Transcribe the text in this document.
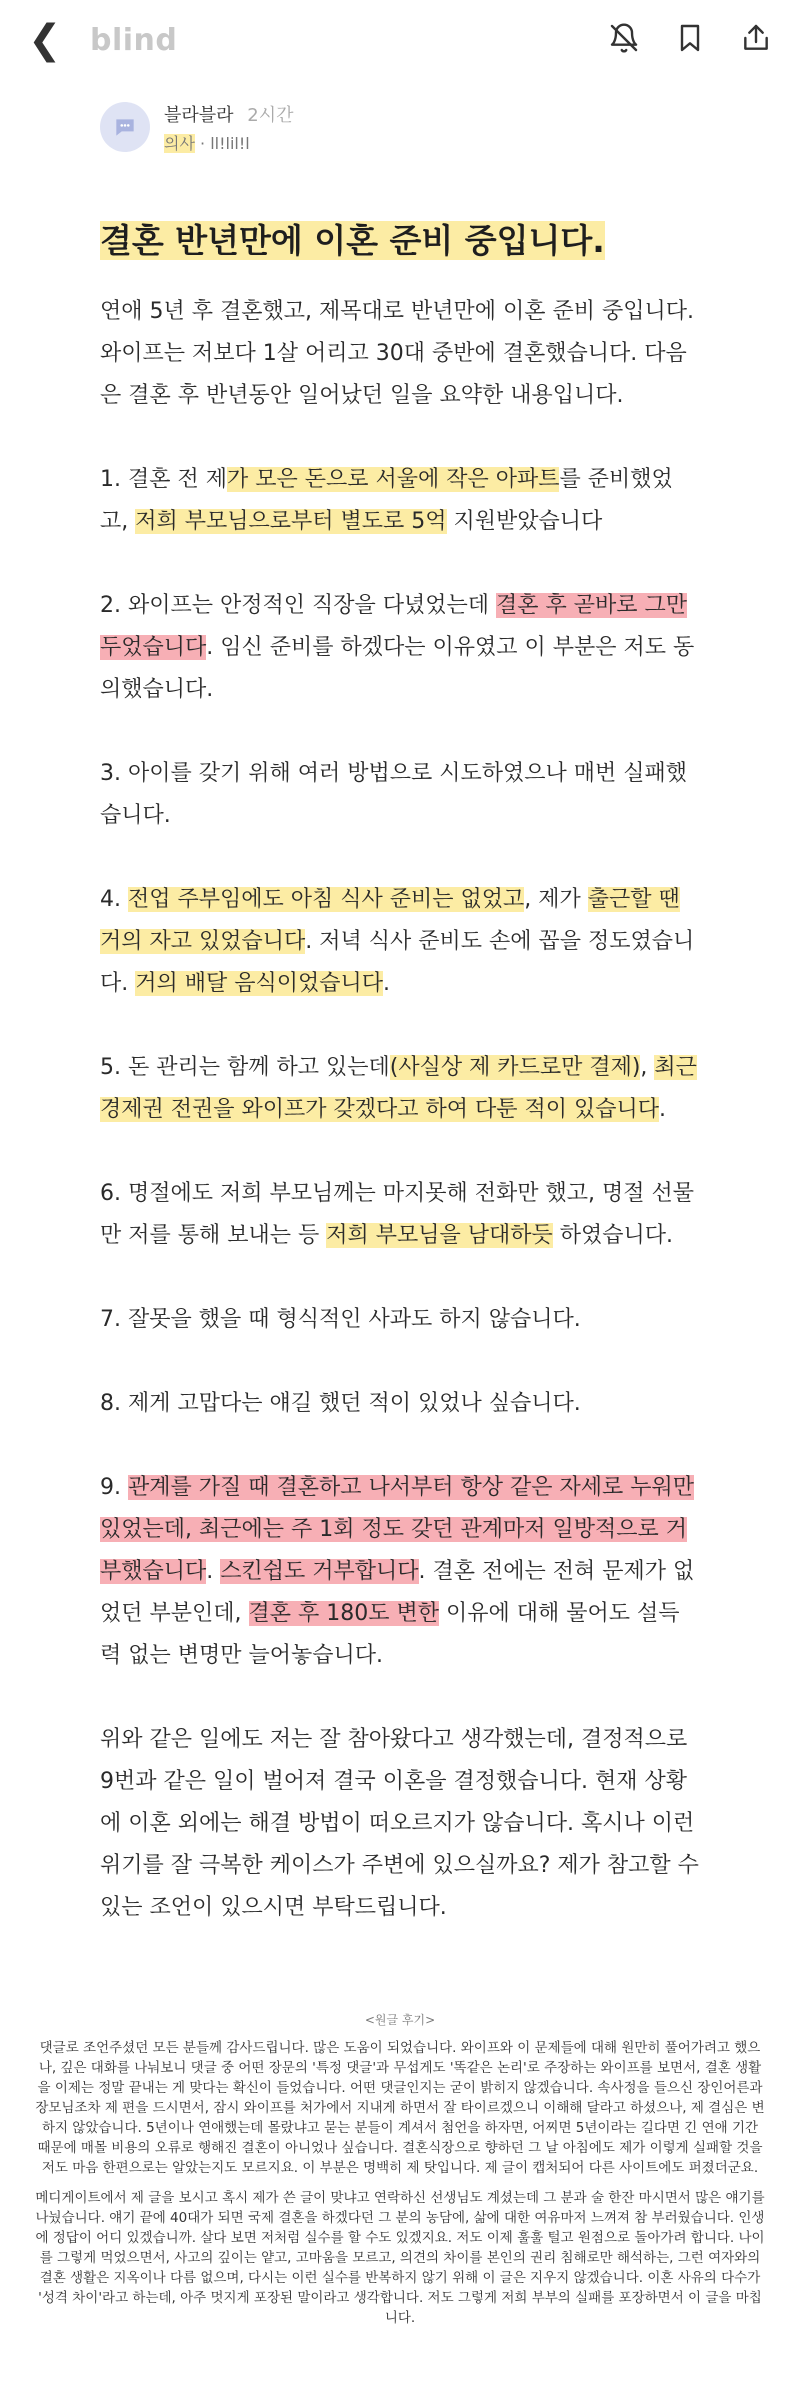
❮ blind
블라블라 2시간
의사 · ll!lil!l
결혼 반년만에 이혼 준비 중입니다.

연애 5년 후 결혼했고, 제목대로 반년만에 이혼 준비 중입니다. 와이프는 저보다 1살 어리고 30대 중반에 결혼했습니다. 다음은 결혼 후 반년동안 일어났던 일을 요약한 내용입니다.

1. 결혼 전 제가 모은 돈으로 서울에 작은 아파트를 준비했었고, 저희 부모님으로부터 별도로 5억 지원받았습니다

2. 와이프는 안정적인 직장을 다녔었는데 결혼 후 곧바로 그만두었습니다. 임신 준비를 하겠다는 이유였고 이 부분은 저도 동의했습니다.

3. 아이를 갖기 위해 여러 방법으로 시도하였으나 매번 실패했습니다.

4. 전업 주부임에도 아침 식사 준비는 없었고, 제가 출근할 땐 거의 자고 있었습니다. 저녁 식사 준비도 손에 꼽을 정도였습니다. 거의 배달 음식이었습니다.

5. 돈 관리는 함께 하고 있는데(사실상 제 카드로만 결제), 최근 경제권 전권을 와이프가 갖겠다고 하여 다툰 적이 있습니다.

6. 명절에도 저희 부모님께는 마지못해 전화만 했고, 명절 선물만 저를 통해 보내는 등 저희 부모님을 남대하듯 하였습니다.

7. 잘못을 했을 때 형식적인 사과도 하지 않습니다.

8. 제게 고맙다는 얘길 했던 적이 있었나 싶습니다.

9. 관계를 가질 때 결혼하고 나서부터 항상 같은 자세로 누워만 있었는데, 최근에는 주 1회 정도 갖던 관계마저 일방적으로 거부했습니다. 스킨쉽도 거부합니다. 결혼 전에는 전혀 문제가 없었던 부분인데, 결혼 후 180도 변한 이유에 대해 물어도 설득력 없는 변명만 늘어놓습니다.

위와 같은 일에도 저는 잘 참아왔다고 생각했는데, 결정적으로 9번과 같은 일이 벌어져 결국 이혼을 결정했습니다. 현재 상황에 이혼 외에는 해결 방법이 떠오르지가 않습니다. 혹시나 이런 위기를 잘 극복한 케이스가 주변에 있으실까요? 제가 참고할 수 있는 조언이 있으시면 부탁드립니다.

<원글 후기>

댓글로 조언주셨던 모든 분들께 감사드립니다. 많은 도움이 되었습니다. 와이프와 이 문제들에 대해 원만히 풀어가려고 했으나, 깊은 대화를 나눠보니 댓글 중 어떤 장문의 '특정 댓글'과 무섭게도 '똑같은 논리'로 주장하는 와이프를 보면서, 결혼 생활을 이제는 정말 끝내는 게 맞다는 확신이 들었습니다. 어떤 댓글인지는 굳이 밝히지 않겠습니다. 속사정을 들으신 장인어른과 장모님조차 제 편을 드시면서, 잠시 와이프를 처가에서 지내게 하면서 잘 타이르겠으니 이해해 달라고 하셨으나, 제 결심은 변하지 않았습니다. 5년이나 연애했는데 몰랐냐고 묻는 분들이 계셔서 첨언을 하자면, 어찌면 5년이라는 길다면 긴 연애 기간 때문에 매몰 비용의 오류로 행해진 결혼이 아니었나 싶습니다. 결혼식장으로 향하던 그 날 아침에도 제가 이렇게 실패할 것을 저도 마음 한편으로는 알았는지도 모르지요. 이 부분은 명백히 제 탓입니다. 제 글이 캡처되어 다른 사이트에도 퍼졌더군요.

메디게이트에서 제 글을 보시고 혹시 제가 쓴 글이 맞냐고 연락하신 선생님도 계셨는데 그 분과 술 한잔 마시면서 많은 얘기를 나눴습니다. 얘기 끝에 40대가 되면 국제 결혼을 하겠다던 그 분의 농담에, 삶에 대한 여유마저 느껴져 참 부러웠습니다. 인생에 정답이 어디 있겠습니까. 살다 보면 저처럼 실수를 할 수도 있겠지요. 저도 이제 훌훌 털고 원점으로 돌아가려 합니다. 나이를 그렇게 먹었으면서, 사고의 깊이는 얕고, 고마움을 모르고, 의견의 차이를 본인의 권리 침해로만 해석하는, 그런 여자와의 결혼 생활은 지옥이나 다름 없으며, 다시는 이런 실수를 반복하지 않기 위해 이 글은 지우지 않겠습니다. 이혼 사유의 다수가 '성격 차이'라고 하는데, 아주 멋지게 포장된 말이라고 생각합니다. 저도 그렇게 저희 부부의 실패를 포장하면서 이 글을 마칩니다.
